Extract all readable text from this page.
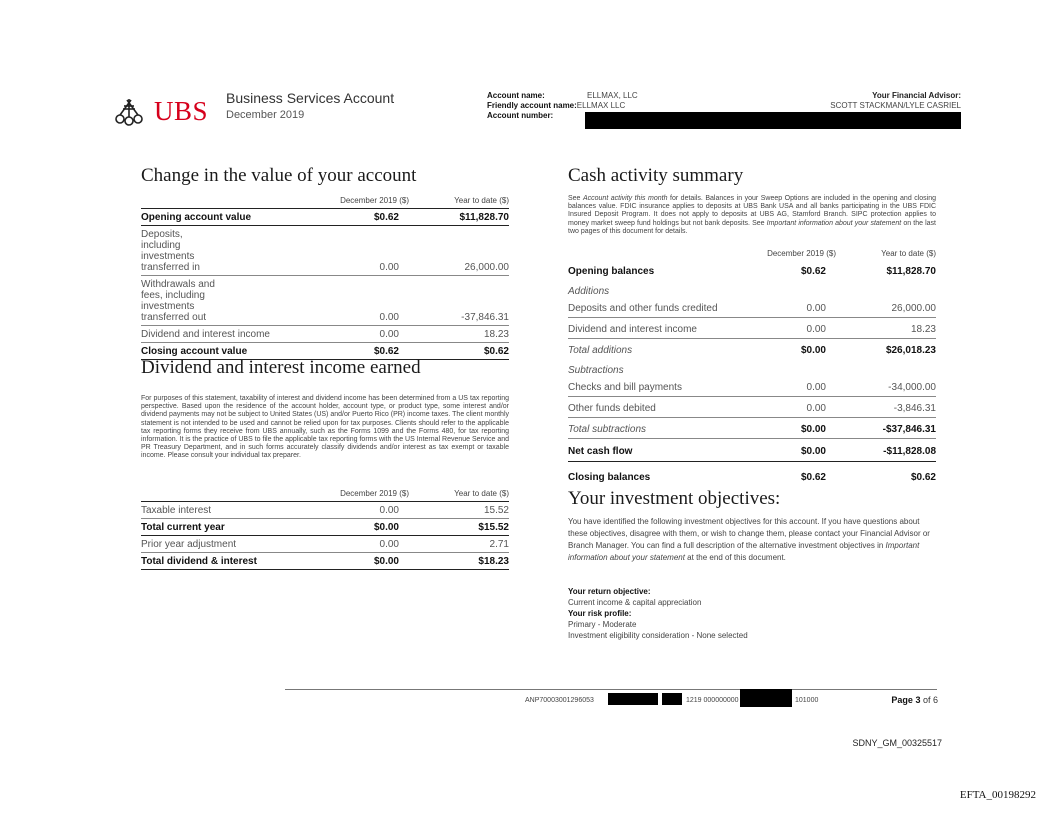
UBS Business Services Account
December 2019
Account name:	ELLMAX, LLC
Friendly account name:ELLMAX LLC
Account number:
Your Financial Advisor:
SCOTT STACKMAN/LYLE CASRIEL
Change in the value of your account
December 2019 ($)	Year to date ($)
Opening account value	$0.62	$11,828.70
Deposits, including investments transferred in	0.00	26,000.00
Withdrawals and fees, including investments transferred out	0.00	-37,846.31
Dividend and interest income	0.00	18.23
Closing account value	$0.62	$0.62
Dividend and interest income earned
For purposes of this statement, taxability of interest and dividend income has been determined from a US tax reporting perspective. Based upon the residence of the account holder, account type, or product type, some interest and/or dividend payments may not be subject to United States (US) and/or Puerto Rico (PR) income taxes. The client monthly statement is not intended to be used and cannot be relied upon for tax purposes. Clients should refer to the applicable tax reporting forms they receive from UBS annually, such as the Forms 1099 and the Forms 480, for tax reporting information. It is the practice of UBS to file the applicable tax reporting forms with the US Internal Revenue Service and PR Treasury Department, and in such forms accurately classify dividends and/or interest as tax exempt or taxable income. Please consult your individual tax preparer.
December 2019 ($)	Year to date ($)
Taxable interest	0.00	15.52
Total current year	$0.00	$15.52
Prior year adjustment	0.00	2.71
Total dividend & interest	$0.00	$18.23
Cash activity summary
See Account activity this month for details. Balances in your Sweep Options are included in the opening and closing balances value. FDIC insurance applies to deposits at UBS Bank USA and all banks participating in the UBS FDIC Insured Deposit Program. It does not apply to deposits at UBS AG, Stamford Branch. SIPC protection applies to money market sweep fund holdings but not bank deposits. See Important information about your statement on the last two pages of this document for details.
December 2019 ($)	Year to date ($)
Opening balances	$0.62	$11,828.70
Additions
Deposits and other funds credited	0.00	26,000.00
Dividend and interest income	0.00	18.23
Total additions	$0.00	$26,018.23
Subtractions
Checks and bill payments	0.00	-34,000.00
Other funds debited	0.00	-3,846.31
Total subtractions	$0.00	-$37,846.31
Net cash flow	$0.00	-$11,828.08
Closing balances	$0.62	$0.62
Your investment objectives:
You have identified the following investment objectives for this account. If you have questions about these objectives, disagree with them, or wish to change them, please contact your Financial Advisor or Branch Manager. You can find a full description of the alternative investment objectives in Important information about your statement at the end of this document.
Your return objective:
Current income & capital appreciation
Your risk profile:
Primary - Moderate
Investment eligibility consideration - None selected
ANP70003001296053	1219 000000000	101000	Page 3 of 6
SDNY_GM_00325517
EFTA_00198292
